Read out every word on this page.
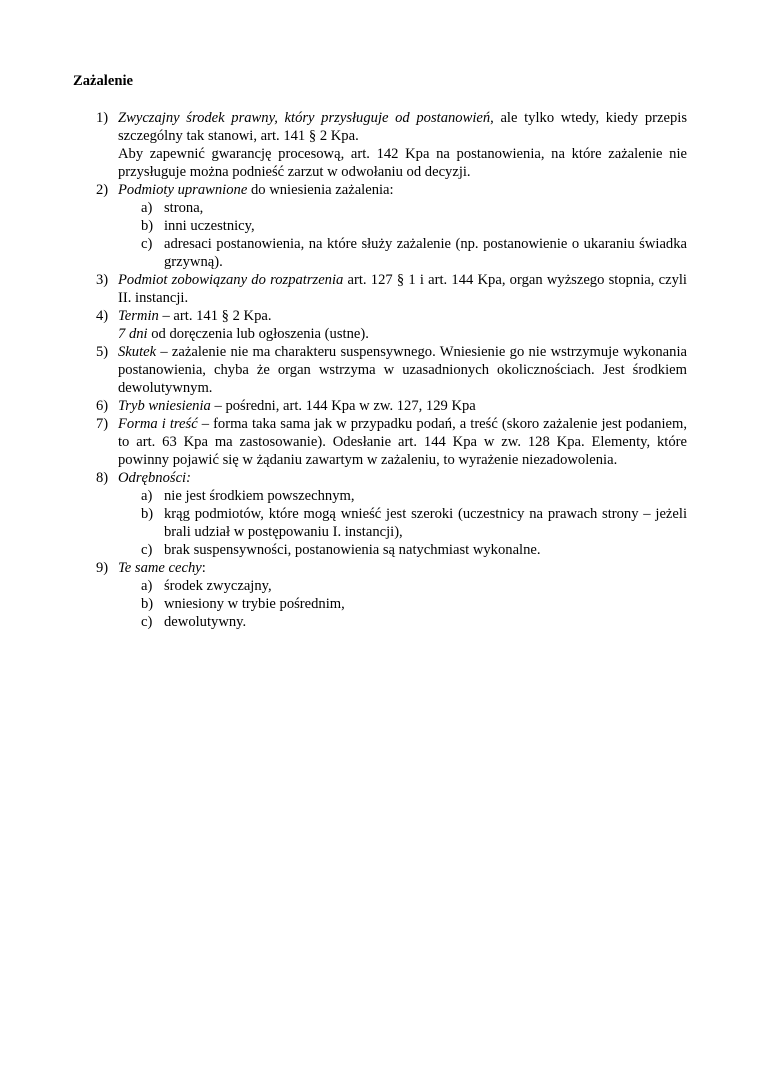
Zażalenie
1) Zwyczajny środek prawny, który przysługuje od postanowień, ale tylko wtedy, kiedy przepis szczególny tak stanowi, art. 141 § 2 Kpa.
Aby zapewnić gwarancję procesową, art. 142 Kpa na postanowienia, na które zażalenie nie przysługuje można podnieść zarzut w odwołaniu od decyzji.
2) Podmioty uprawnione do wniesienia zażalenia:
a) strona,
b) inni uczestnicy,
c) adresaci postanowienia, na które służy zażalenie (np. postanowienie o ukaraniu świadka grzywną).
3) Podmiot zobowiązany do rozpatrzenia art. 127 § 1 i art. 144 Kpa, organ wyższego stopnia, czyli II. instancji.
4) Termin – art. 141 § 2 Kpa.
7 dni od doręczenia lub ogłoszenia (ustne).
5) Skutek – zażalenie nie ma charakteru suspensywnego. Wniesienie go nie wstrzymuje wykonania postanowienia, chyba że organ wstrzyma w uzasadnionych okolicznościach. Jest środkiem dewolutywnym.
6) Tryb wniesienia – pośredni, art. 144 Kpa w zw. 127, 129 Kpa
7) Forma i treść – forma taka sama jak w przypadku podań, a treść (skoro zażalenie jest podaniem, to art. 63 Kpa ma zastosowanie). Odesłanie art. 144 Kpa w zw. 128 Kpa. Elementy, które powinny pojawić się w żądaniu zawartym w zażaleniu, to wyrażenie niezadowolenia.
8) Odrębności:
a) nie jest środkiem powszechnym,
b) krąg podmiotów, które mogą wnieść jest szeroki (uczestnicy na prawach strony – jeżeli brali udział w postępowaniu I. instancji),
c) brak suspensywności, postanowienia są natychmiast wykonalne.
9) Te same cechy:
a) środek zwyczajny,
b) wniesiony w trybie pośrednim,
c) dewolutywny.
